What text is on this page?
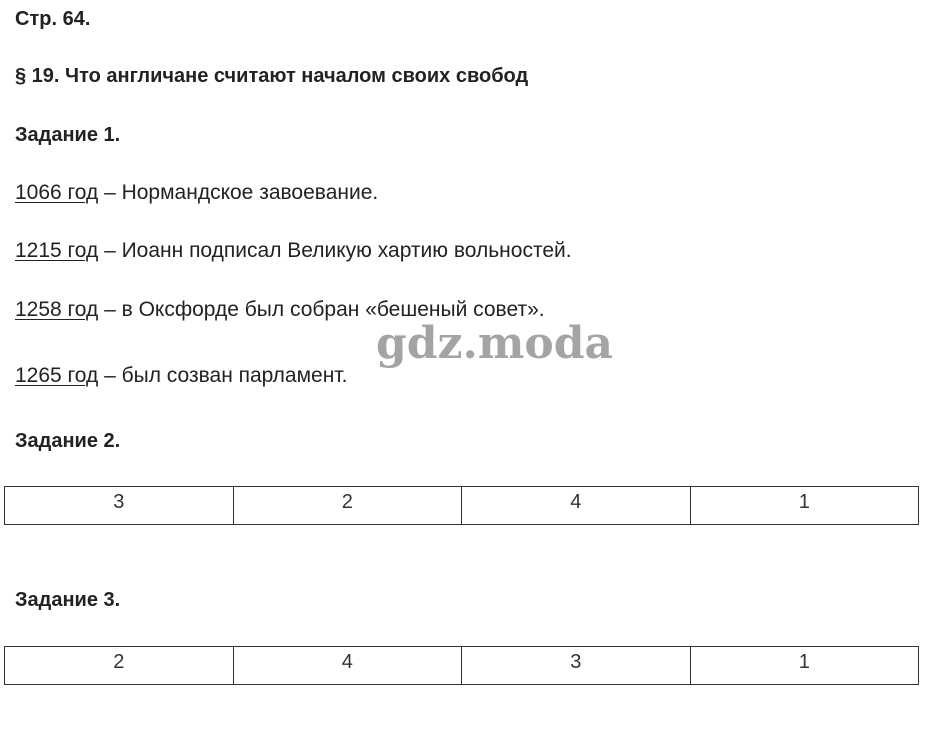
Стр. 64.
§ 19. Что англичане считают началом своих свобод
Задание 1.
1066 год – Нормандское завоевание.
1215 год – Иоанн подписал Великую хартию вольностей.
1258 год – в Оксфорде был собран «бешеный совет».
1265 год – был созван парламент.
Задание 2.
3	2	4	1
Задание 3.
2	4	3	1
gdz.moda
